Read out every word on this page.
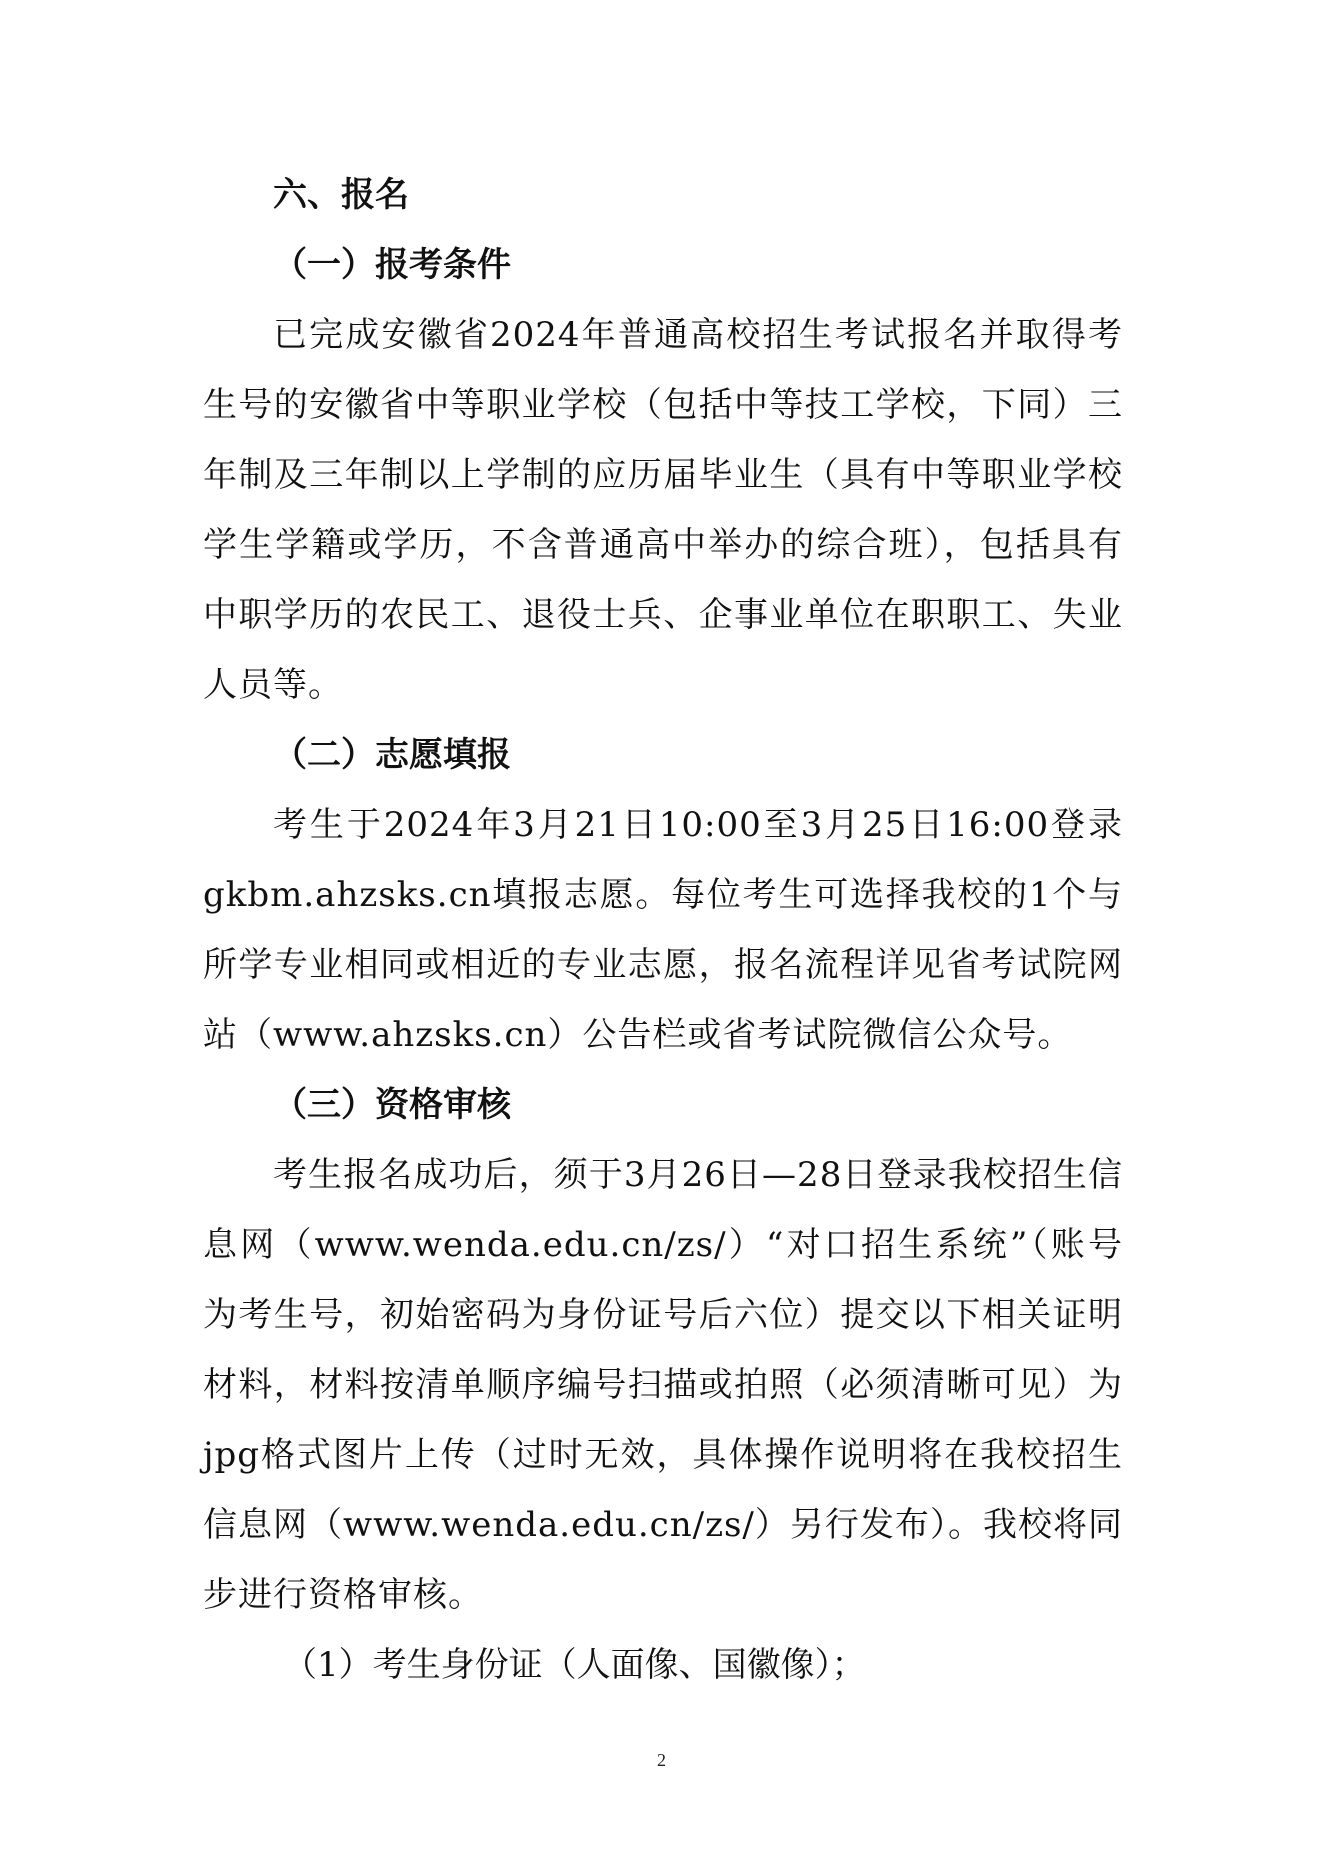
六、报名
（一）报考条件

已完成安徽省2024年普通高校招生考试报名并取得考生号的安徽省中等职业学校（包括中等技工学校，下同）三年制及三年制以上学制的应历届毕业生（具有中等职业学校学生学籍或学历，不含普通高中举办的综合班），包括具有中职学历的农民工、退役士兵、企事业单位在职职工、失业人员等。

（二）志愿填报

考生于2024年3月21日10:00至3月25日16:00登录gkbm.ahzsks.cn填报志愿。每位考生可选择我校的1个与所学专业相同或相近的专业志愿，报名流程详见省考试院网站（www.ahzsks.cn）公告栏或省考试院微信公众号。

（三）资格审核

考生报名成功后，须于3月26日—28日登录我校招生信息网（www.wenda.edu.cn/zs/）“对口招生系统”（账号为考生号，初始密码为身份证号后六位）提交以下相关证明材料，材料按清单顺序编号扫描或拍照（必须清晰可见）为jpg格式图片上传（过时无效，具体操作说明将在我校招生信息网（www.wenda.edu.cn/zs/）另行发布）。我校将同步进行资格审核。

（1）考生身份证（人面像、国徽像）；

2
